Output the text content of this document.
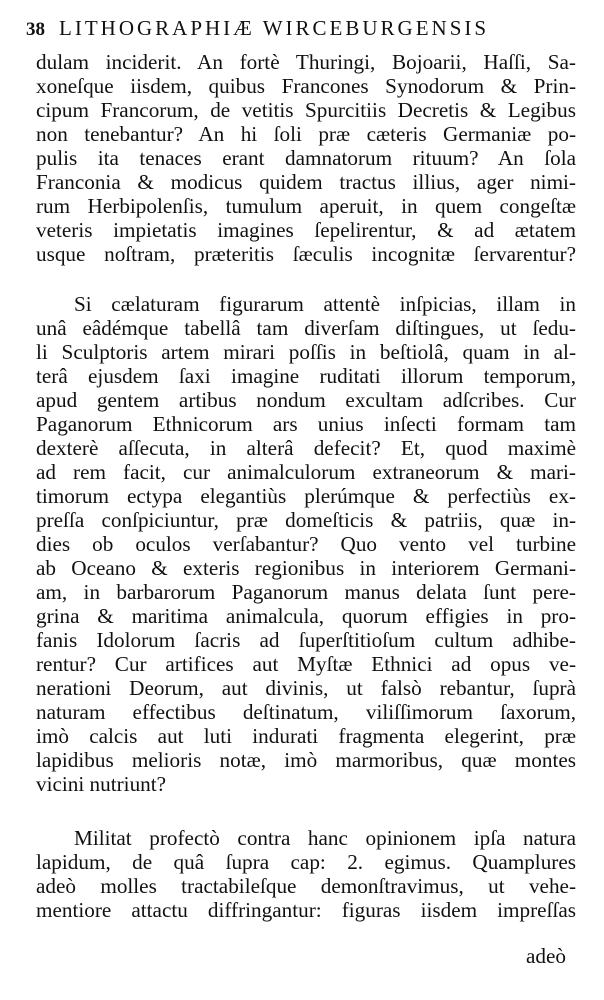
38 LITHOGRAPHIÆ WIRCEBURGENSIS
dulam inciderit. An fortè Thuringi, Bojoarii, Haſſi, Sa-
xoneſque iisdem, quibus Francones Synodorum & Prin-
cipum Francorum, de vetitis Spurcitiis Decretis & Legibus
non tenebantur? An hi ſoli præ cæteris Germaniæ po-
pulis ita tenaces erant damnatorum rituum? An ſola
Franconia & modicus quidem tractus illius, ager nimi-
rum Herbipolenſis, tumulum aperuit, in quem congeſtæ
veteris impietatis imagines ſepelirentur, & ad ætatem
usque noſtram, præteritis ſæculis incognitæ ſervarentur?
Si cælaturam figurarum attentè inſpicias, illam in
unâ eâdémque tabellâ tam diverſam diſtingues, ut ſedu-
li Sculptoris artem mirari poſſis in beſtiolâ, quam in al-
terâ ejusdem ſaxi imagine ruditati illorum temporum,
apud gentem artibus nondum excultam adſcribes. Cur
Paganorum Ethnicorum ars unius inſecti formam tam
dexterè aſſecuta, in alterâ defecit? Et, quod maximè
ad rem facit, cur animalculorum extraneorum & mari-
timorum ectypa elegantiùs plerúmque & perfectiùs ex-
preſſa conſpiciuntur, præ domeſticis & patriis, quæ in-
dies ob oculos verſabantur? Quo vento vel turbine
ab Oceano & exteris regionibus in interiorem Germani-
am, in barbarorum Paganorum manus delata ſunt pere-
grina & maritima animalcula, quorum effigies in pro-
fanis Idolorum ſacris ad ſuperſtitioſum cultum adhibe-
rentur? Cur artifices aut Myſtæ Ethnici ad opus ve-
nerationi Deorum, aut divinis, ut falsò rebantur, ſuprà
naturam effectibus deſtinatum, viliſſimorum ſaxorum,
imò calcis aut luti indurati fragmenta elegerint, præ
lapidibus melioris notæ, imò marmoribus, quæ montes
vicini nutriunt?
Militat profectò contra hanc opinionem ipſa natura
lapidum, de quâ ſupra cap: 2. egimus. Quamplures
adeò molles tractabileſque demonſtravimus, ut vehe-
mentiore attactu diffringantur: figuras iisdem impreſſas
adeò
